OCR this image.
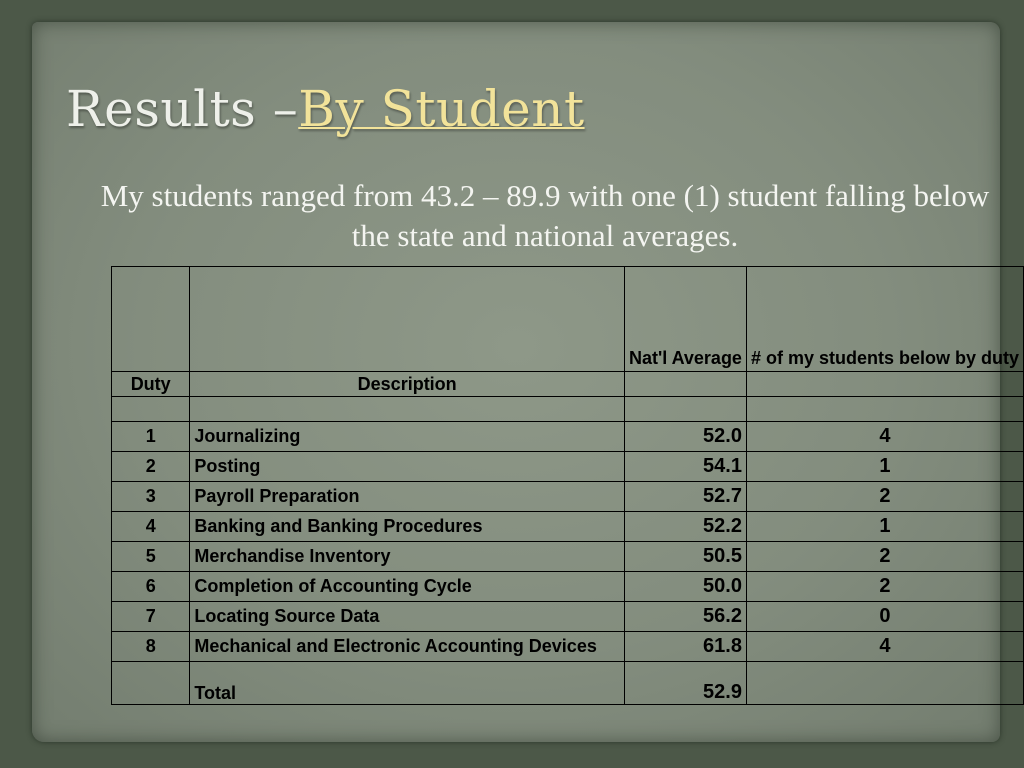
Results –By Student
My students ranged from 43.2 – 89.9 with one (1) student falling below the state and national averages.
		Nat'l Average	# of my students below by duty
Duty	Description		

1	Journalizing	52.0	4
2	Posting	54.1	1
3	Payroll Preparation	52.7	2
4	Banking and Banking Procedures	52.2	1
5	Merchandise Inventory	50.5	2
6	Completion of Accounting Cycle	50.0	2
7	Locating Source Data	56.2	0
8	Mechanical and Electronic Accounting Devices	61.8	4
	Total	52.9	
